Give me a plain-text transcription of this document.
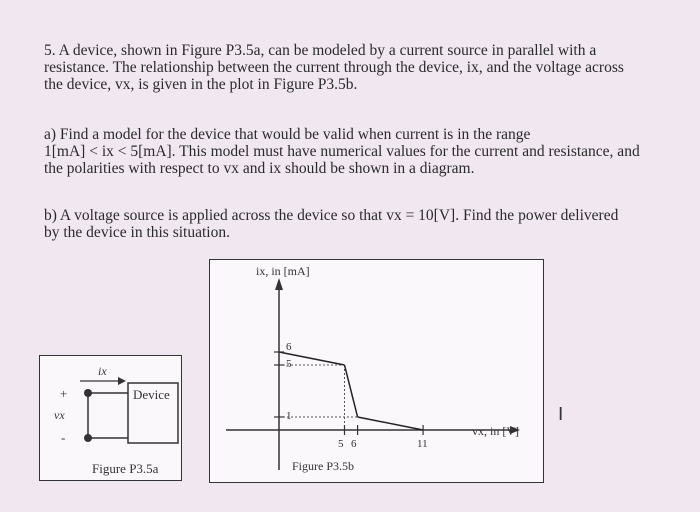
5. A device, shown in Figure P3.5a, can be modeled by a current source in parallel with a
resistance. The relationship between the current through the device, ix, and the voltage across
the device, vx, is given in the plot in Figure P3.5b.
a) Find a model for the device that would be valid when current is in the range
1[mA] < ix < 5[mA]. This model must have numerical values for the current and resistance, and
the polarities with respect to vx and ix should be shown in a diagram.
b) A voltage source is applied across the device so that vx = 10[V]. Find the power delivered
by the device in this situation.
ix
Device
+
vx
-
Figure P3.5a
ix, in [mA]
vx, in [V]
6
5
1
5 6	11
Figure P3.5b
I
